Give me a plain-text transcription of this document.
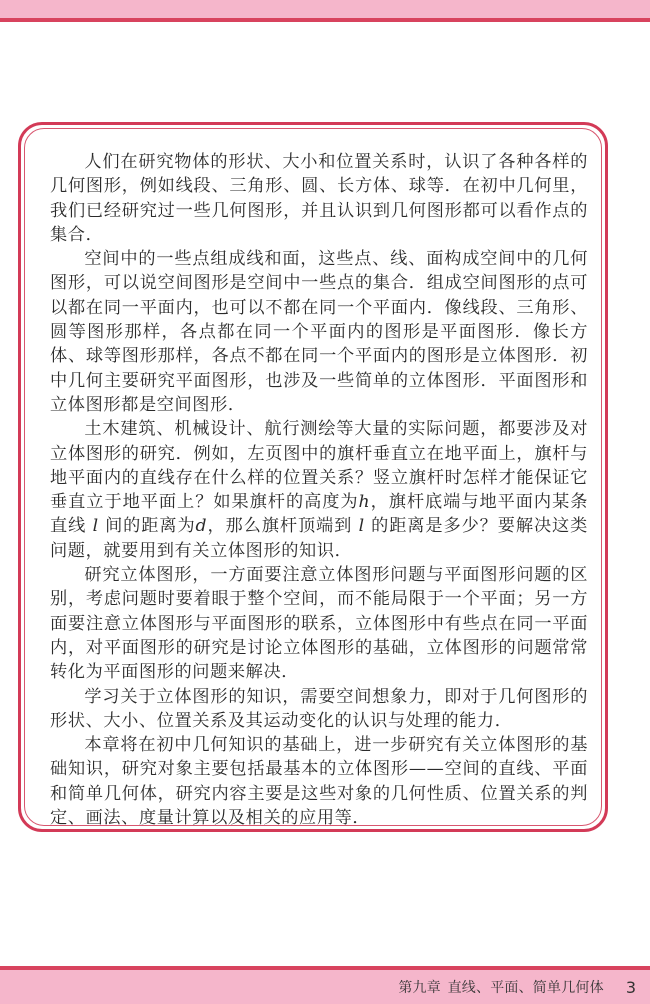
人们在研究物体的形状、大小和位置关系时，认识了各种各样的几何图形，例如线段、三角形、圆、长方体、球等．在初中几何里，我们已经研究过一些几何图形，并且认识到几何图形都可以看作点的集合．

空间中的一些点组成线和面，这些点、线、面构成空间中的几何图形，可以说空间图形是空间中一些点的集合．组成空间图形的点可以都在同一平面内，也可以不都在同一个平面内．像线段、三角形、圆等图形那样，各点都在同一个平面内的图形是平面图形．像长方体、球等图形那样，各点不都在同一个平面内的图形是立体图形．初中几何主要研究平面图形，也涉及一些简单的立体图形．平面图形和立体图形都是空间图形．

土木建筑、机械设计、航行测绘等大量的实际问题，都要涉及对立体图形的研究．例如，左页图中的旗杆垂直立在地平面上，旗杆与地平面内的直线存在什么样的位置关系？竖立旗杆时怎样才能保证它垂直立于地平面上？如果旗杆的高度为h，旗杆底端与地平面内某条直线 l 间的距离为d，那么旗杆顶端到 l 的距离是多少？要解决这类问题，就要用到有关立体图形的知识．

研究立体图形，一方面要注意立体图形问题与平面图形问题的区别，考虑问题时要着眼于整个空间，而不能局限于一个平面；另一方面要注意立体图形与平面图形的联系，立体图形中有些点在同一平面内，对平面图形的研究是讨论立体图形的基础，立体图形的问题常常转化为平面图形的问题来解决．

学习关于立体图形的知识，需要空间想象力，即对于几何图形的形状、大小、位置关系及其运动变化的认识与处理的能力．

本章将在初中几何知识的基础上，进一步研究有关立体图形的基础知识，研究对象主要包括最基本的立体图形——空间的直线、平面和简单几何体，研究内容主要是这些对象的几何性质、位置关系的判定、画法、度量计算以及相关的应用等．

第九章 直线、平面、简单几何体 3
